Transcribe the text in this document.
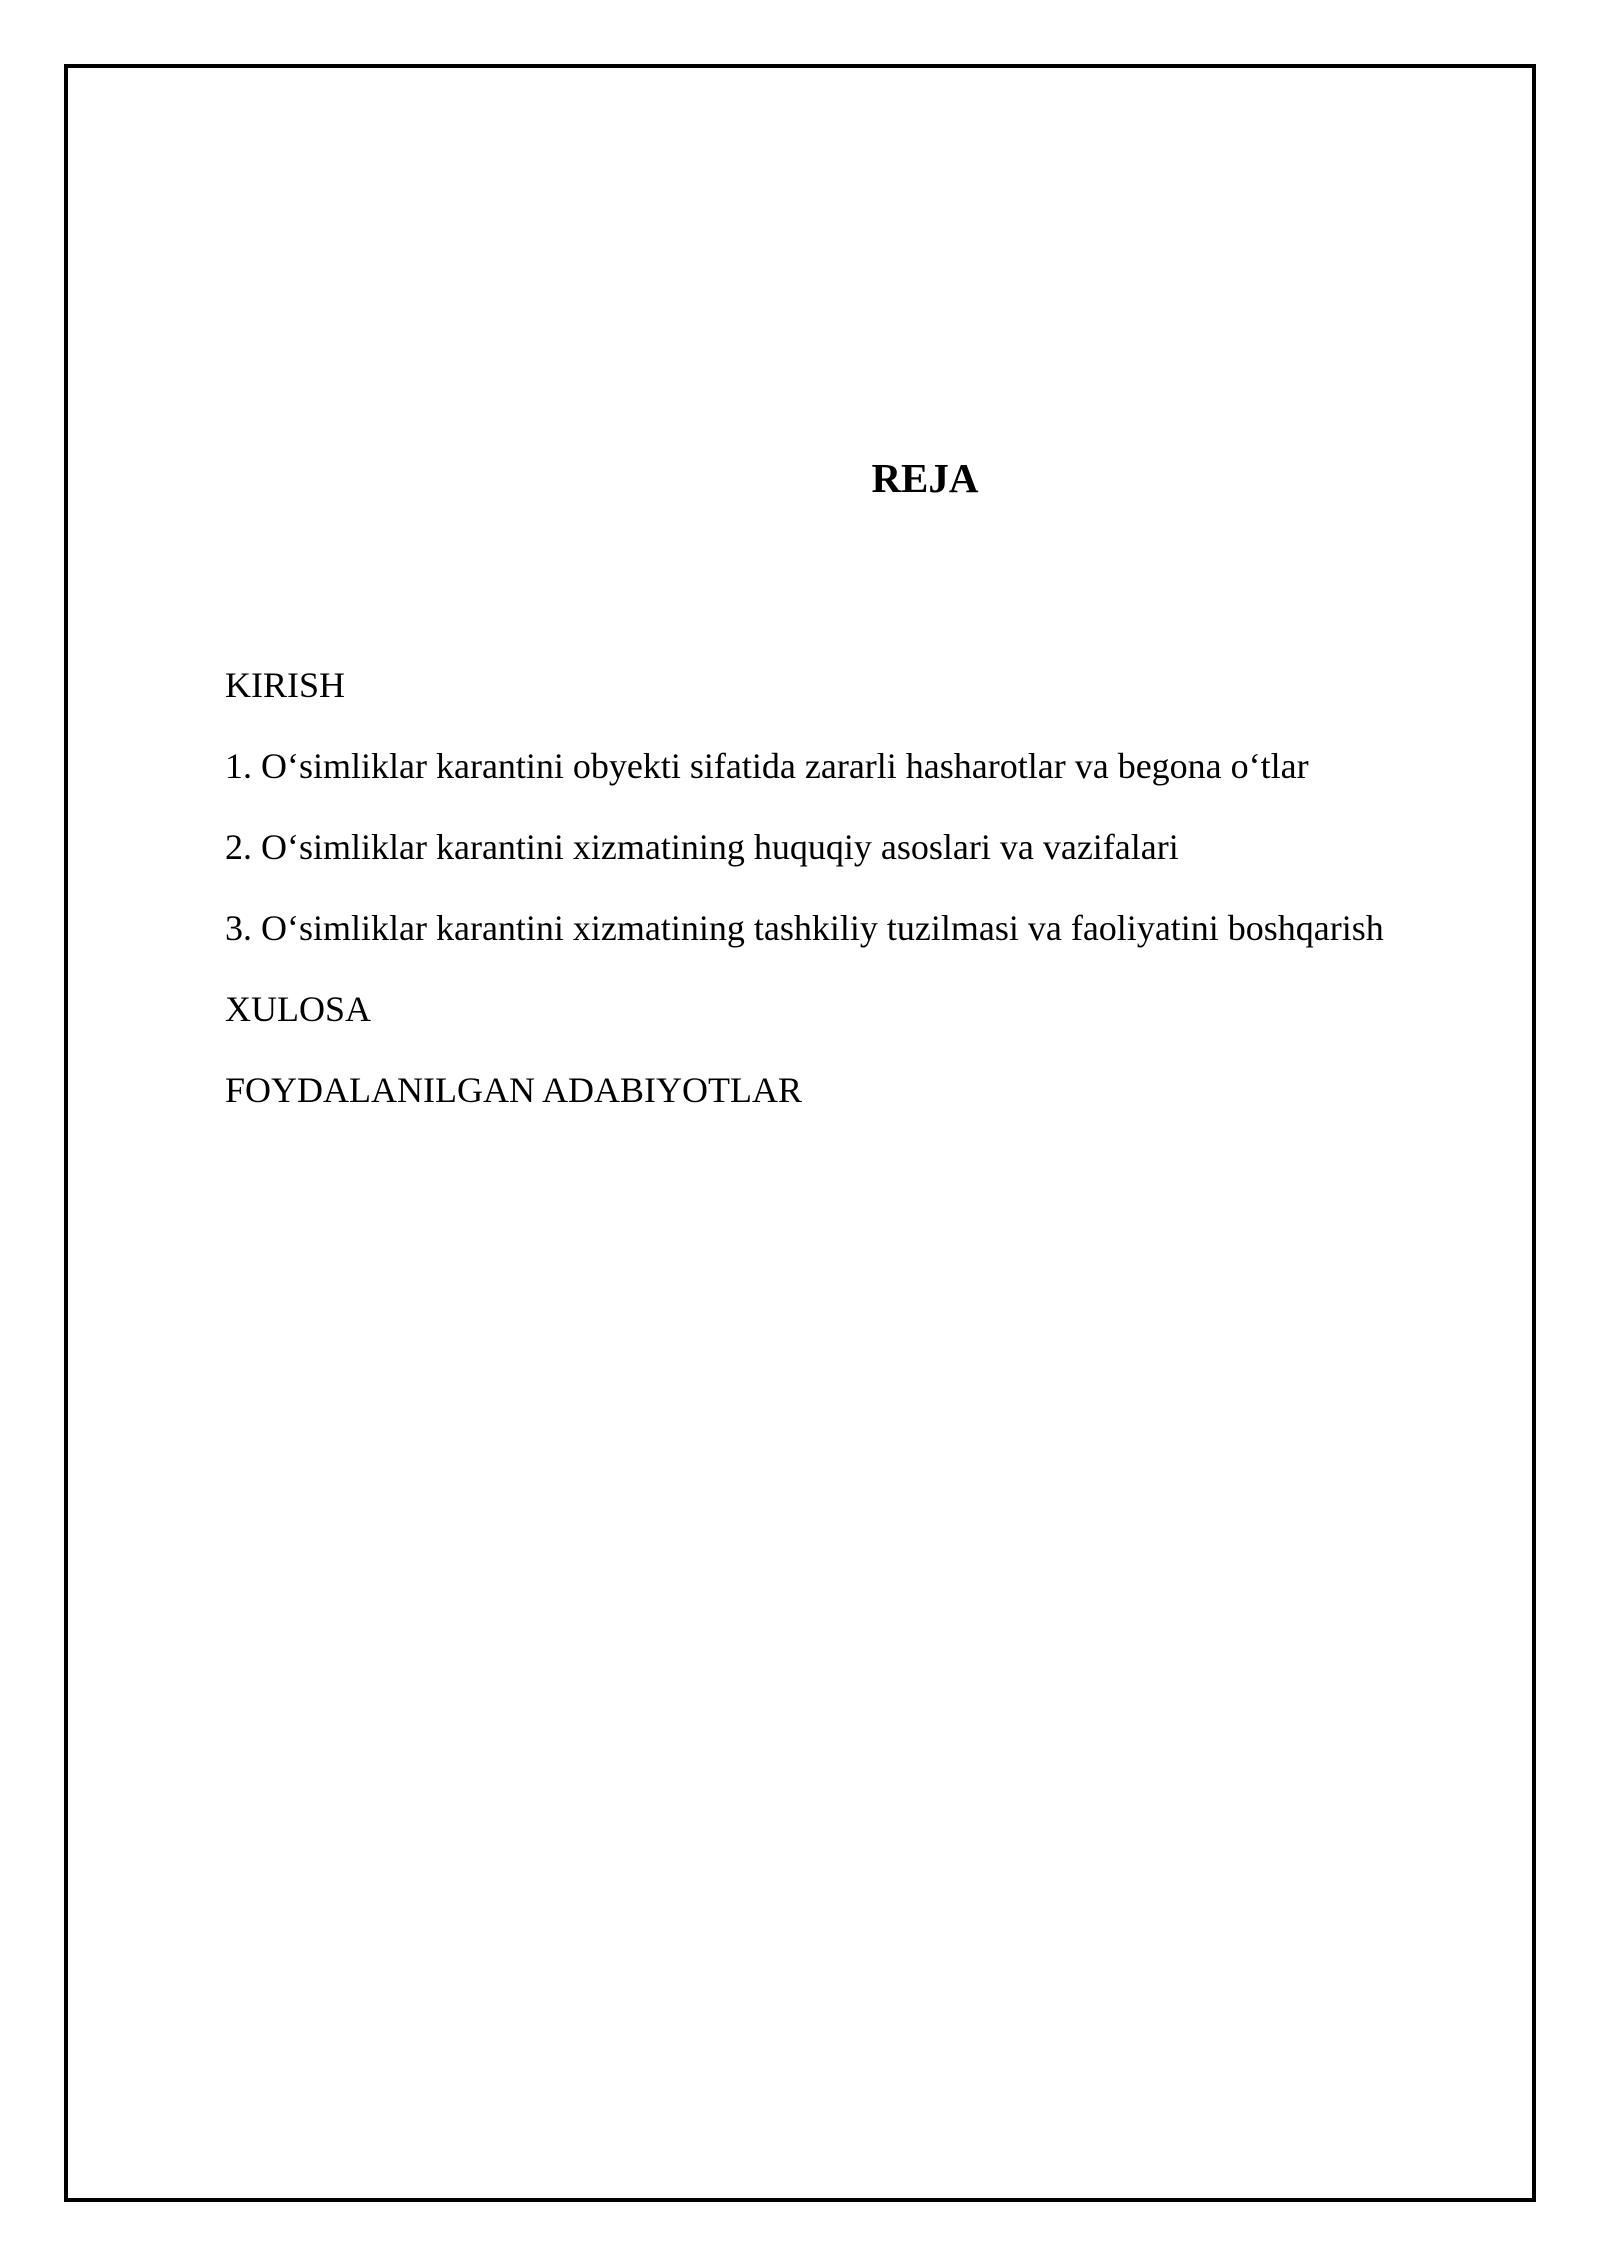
REJA
KIRISH
1. O‘simliklar karantini obyekti sifatida zararli hasharotlar va begona o‘tlar
2. O‘simliklar karantini xizmatining huquqiy asoslari va vazifalari
3. O‘simliklar karantini xizmatining tashkiliy tuzilmasi va faoliyatini boshqarish
XULOSA
FOYDALANILGAN ADABIYOTLAR
